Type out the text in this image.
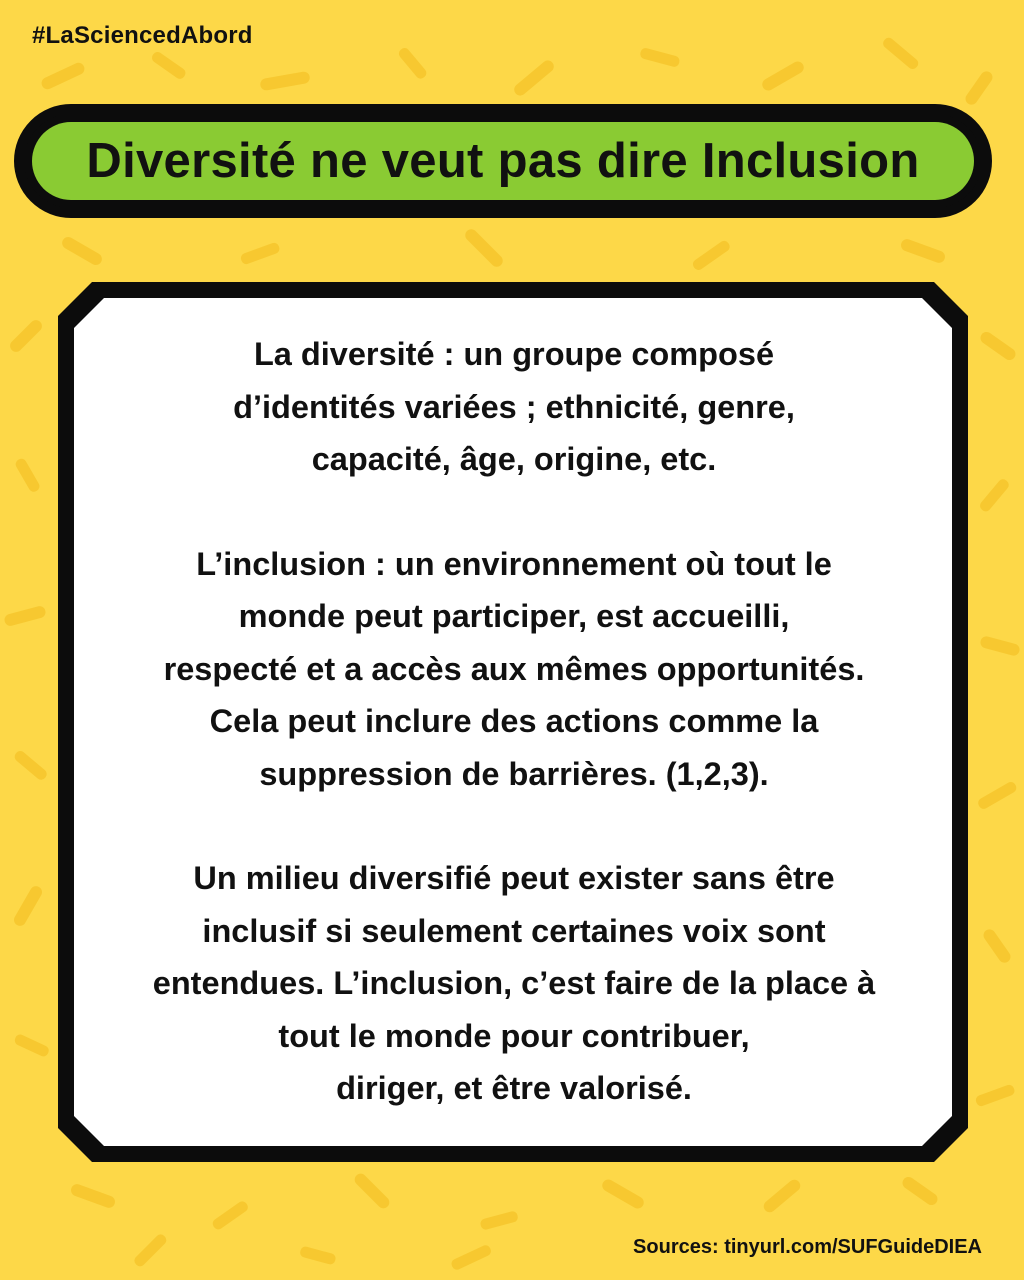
#LaSciencedAbord
Diversité ne veut pas dire Inclusion
La diversité : un groupe composé
d’identités variées ; ethnicité, genre,
capacité, âge, origine, etc.
L’inclusion : un environnement où tout le
monde peut participer, est accueilli,
respecté et a accès aux mêmes opportunités.
Cela peut inclure des actions comme la
suppression de barrières. (1,2,3).
Un milieu diversifié peut exister sans être
inclusif si seulement certaines voix sont
entendues. L’inclusion, c’est faire de la place à
tout le monde pour contribuer,
diriger, et être valorisé.
Sources: tinyurl.com/SUFGuideDIEA
